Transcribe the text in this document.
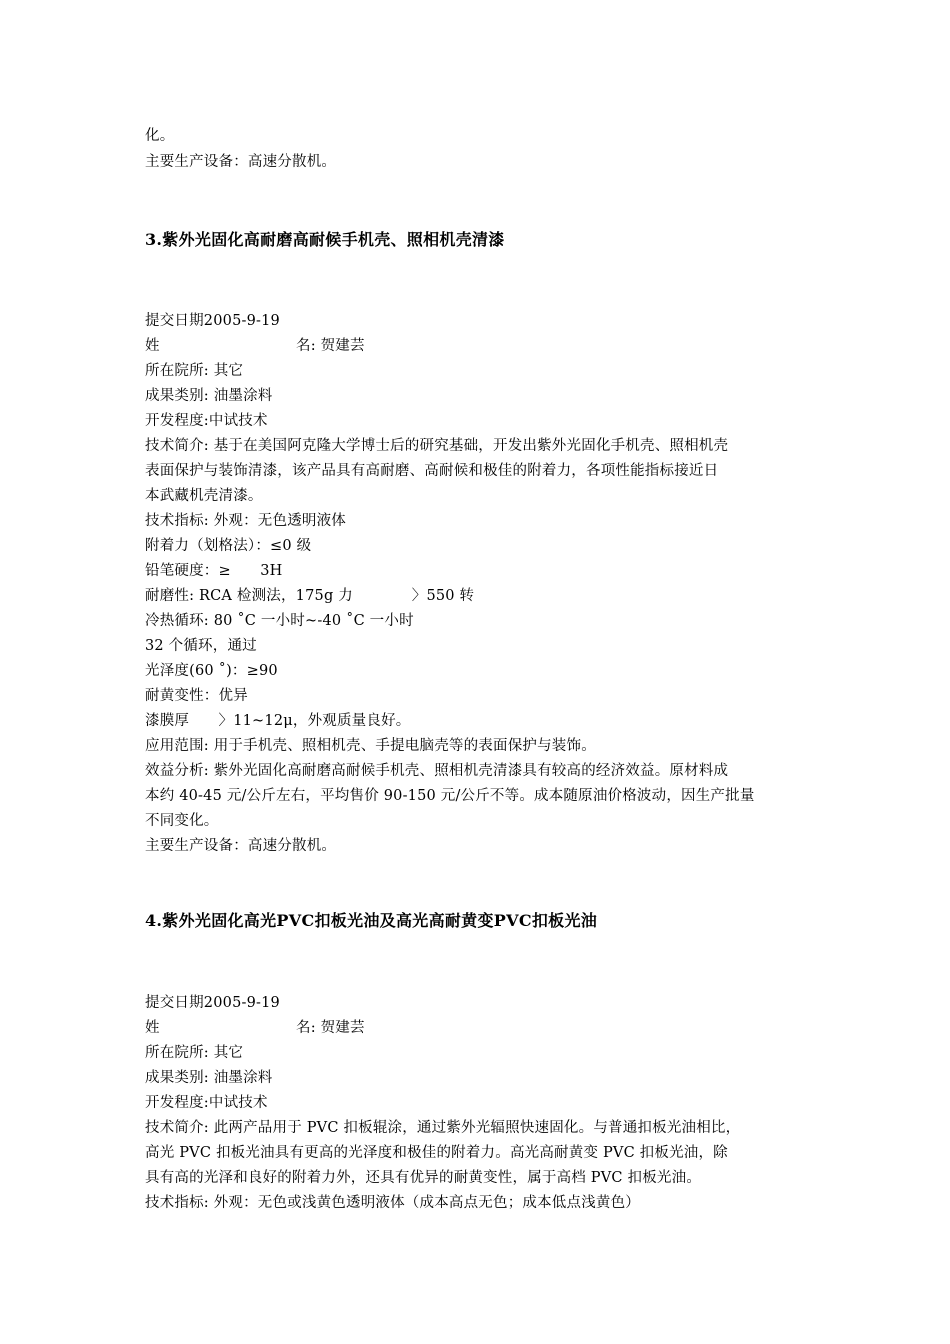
化。
主要生产设备：高速分散机。
3.紫外光固化高耐磨高耐候手机壳、照相机壳清漆
提交日期2005-9-19
姓	名: 贺建芸
所在院所: 其它
成果类别: 油墨涂料
开发程度:中试技术
技术简介: 基于在美国阿克隆大学博士后的研究基础，开发出紫外光固化手机壳、照相机壳
表面保护与装饰清漆，该产品具有高耐磨、高耐候和极佳的附着力，各项性能指标接近日
本武藏机壳清漆。
技术指标: 外观：无色透明液体
附着力（划格法）：≤0 级
铅笔硬度：≥　　3H
耐磨性: RCA 检测法，175g 力　　　　〉550 转
冷热循环: 80 ˚C 一小时~-40 ˚C 一小时
32 个循环，通过
光泽度(60 ˚)：≥90
耐黄变性：优异
漆膜厚　　〉11~12μ，外观质量良好。
应用范围: 用于手机壳、照相机壳、手提电脑壳等的表面保护与装饰。
效益分析: 紫外光固化高耐磨高耐候手机壳、照相机壳清漆具有较高的经济效益。原材料成
本约 40-45 元/公斤左右，平均售价 90-150 元/公斤不等。成本随原油价格波动，因生产批量
不同变化。
主要生产设备：高速分散机。
4.紫外光固化高光PVC扣板光油及高光高耐黄变PVC扣板光油
提交日期2005-9-19
姓	名: 贺建芸
所在院所: 其它
成果类别: 油墨涂料
开发程度:中试技术
技术简介: 此两产品用于 PVC 扣板辊涂，通过紫外光辐照快速固化。与普通扣板光油相比，
高光 PVC 扣板光油具有更高的光泽度和极佳的附着力。高光高耐黄变 PVC 扣板光油，除
具有高的光泽和良好的附着力外，还具有优异的耐黄变性，属于高档 PVC 扣板光油。
技术指标: 外观：无色或浅黄色透明液体（成本高点无色；成本低点浅黄色）
